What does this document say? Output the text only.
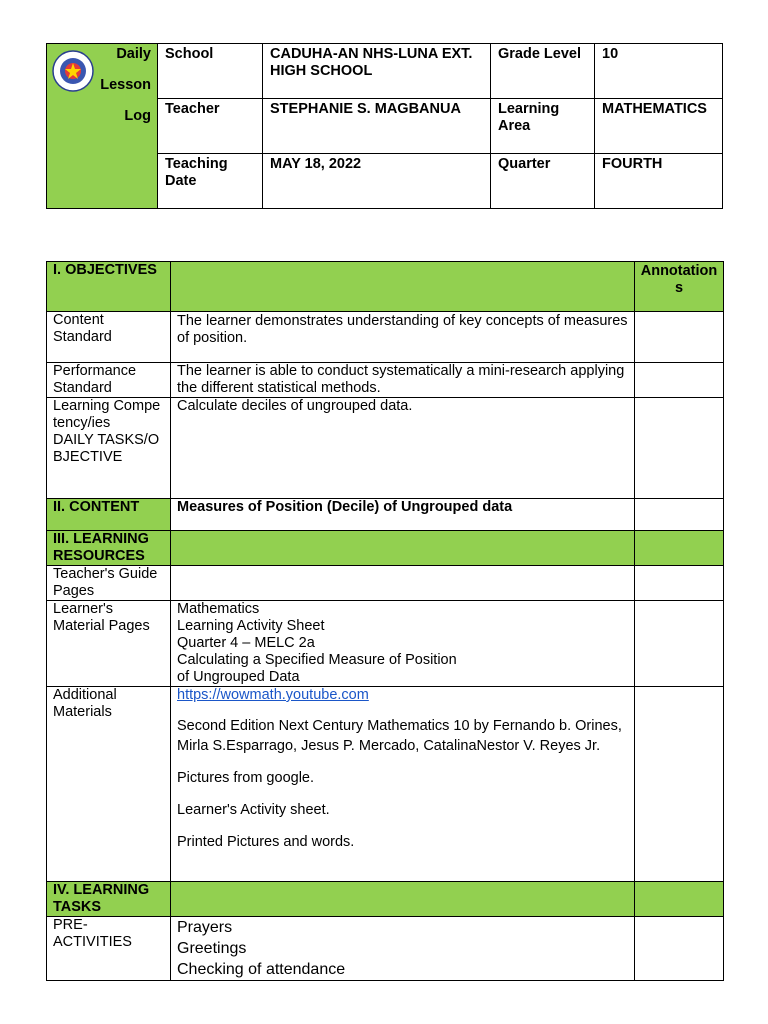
Daily
Lesson
Log	School	CADUHA-AN NHS-LUNA EXT. HIGH SCHOOL	Grade Level	10
	Teacher	STEPHANIE S. MAGBANUA	Learning Area	MATHEMATICS
	Teaching Date	MAY 18, 2022	Quarter	FOURTH
I. OBJECTIVES		Annotations
Content Standard	The learner demonstrates understanding of key concepts of measures of position.	
Performance Standard	The learner is able to conduct systematically a mini-research applying the different statistical methods.	

Learning Competency/ies
DAILY TASKS/OBJECTIVE	Calculate deciles of ungrouped data.	
II. CONTENT	Measures of Position (Decile) of Ungrouped data	
III. LEARNING RESOURCES		
Teacher's Guide Pages		
Learner's Material Pages	Mathematics
Learning Activity Sheet
Quarter 4 – MELC 2a
Calculating a Specified Measure of Position
of Ungrouped Data	

Additional Materials	https://wowmath.youtube.com
Second Edition Next Century Mathematics 10 by Fernando b. Orines, Mirla S.Esparrago, Jesus P. Mercado, CatalinaNestor V. Reyes Jr.
Pictures from google.
Learner's Activity sheet.
Printed Pictures and words.	

IV. LEARNING TASKS		
PRE-ACTIVITIES	Prayers
Greetings
Checking of attendance	
